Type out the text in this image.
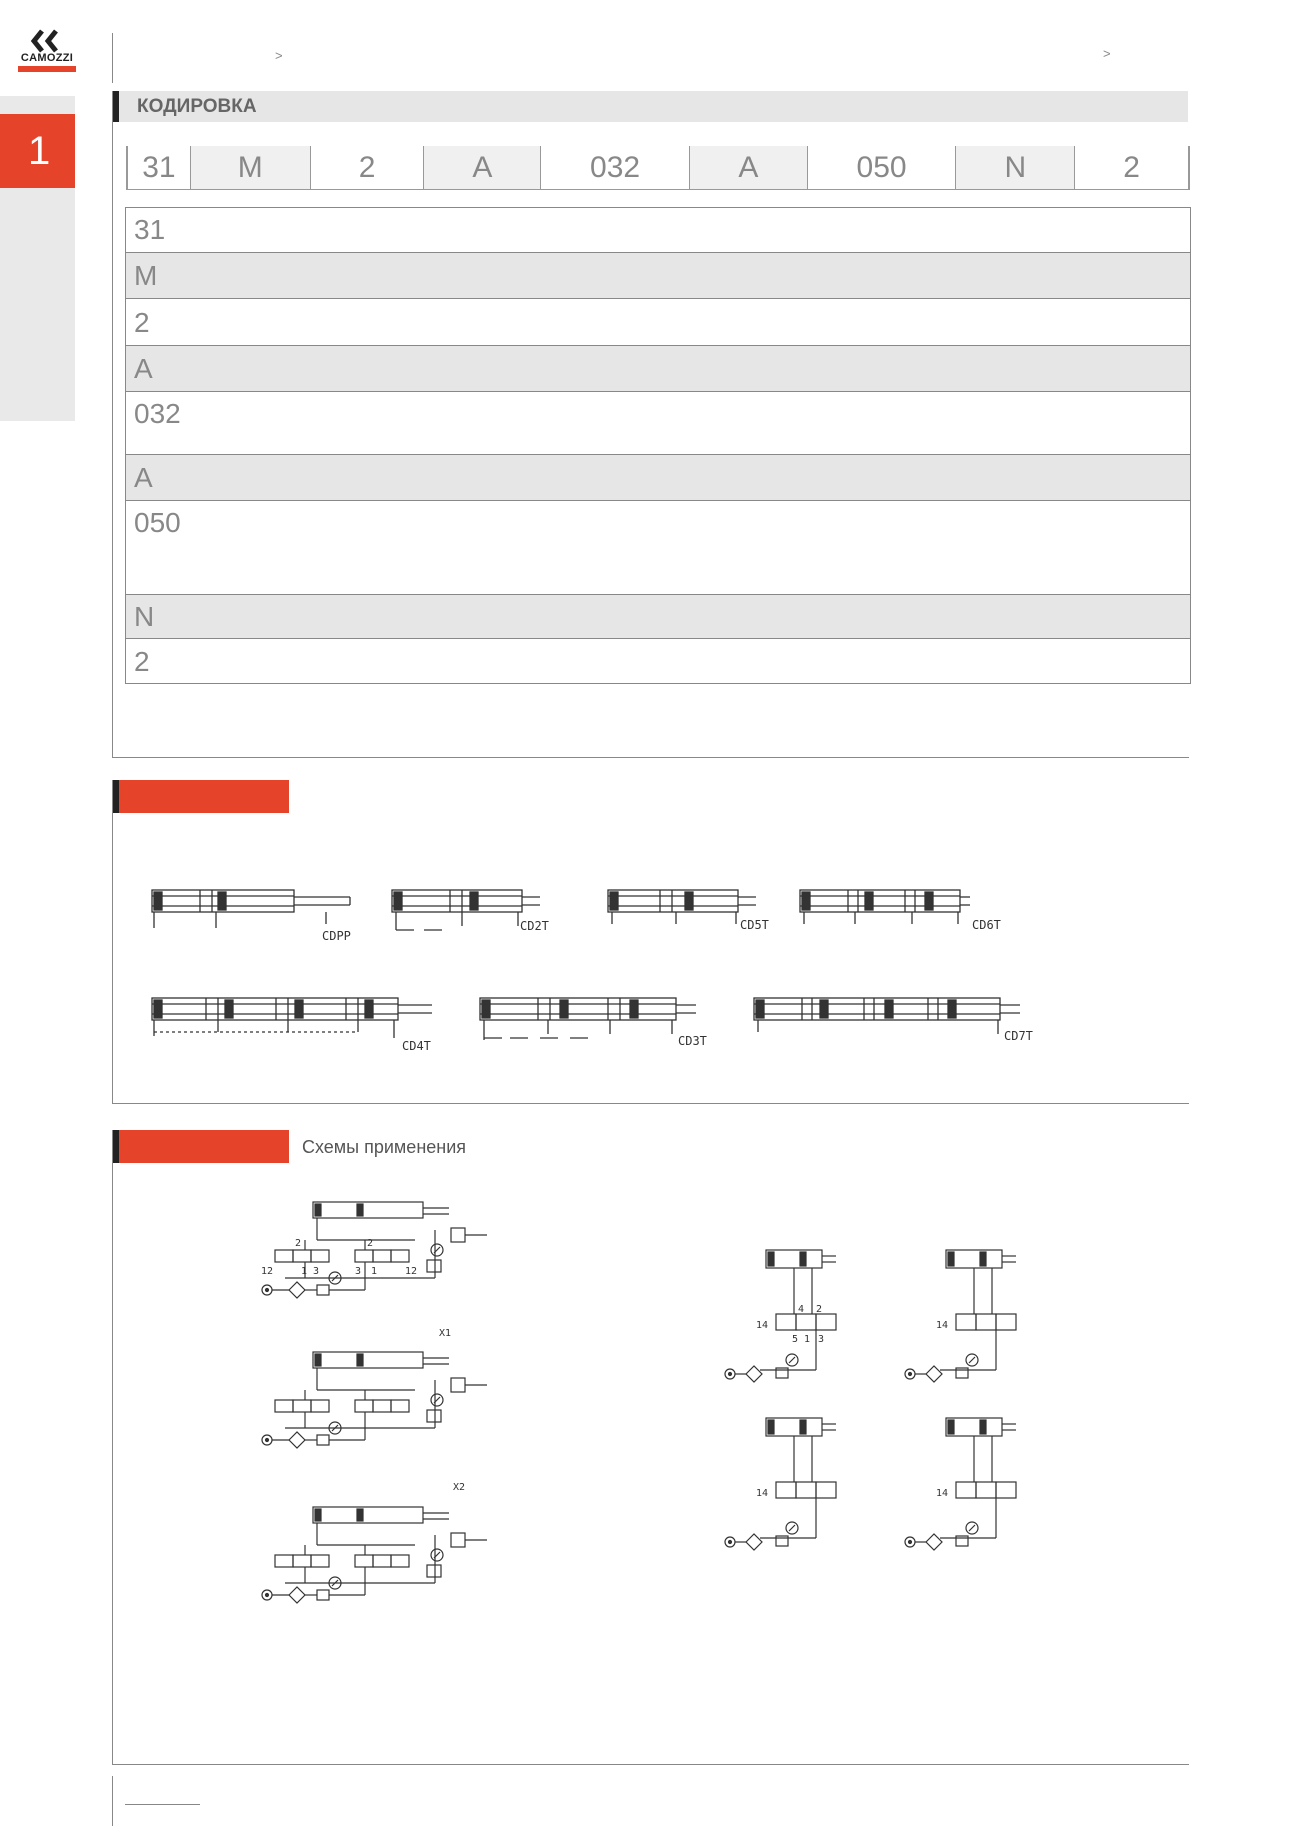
CAMOZZI
1
>	>
КОДИРОВКА
31	M	2	A	032	A	050	N	2
31
M
2
A
032
A
050
N
2
CDPP
CD2T	CD5T	CD6T
CD4T	CD3T	CD7T
Схемы применения
2	2
12	1 3	3 1	12
X1
X2
14
4 2
5 1 3
14
14
14
